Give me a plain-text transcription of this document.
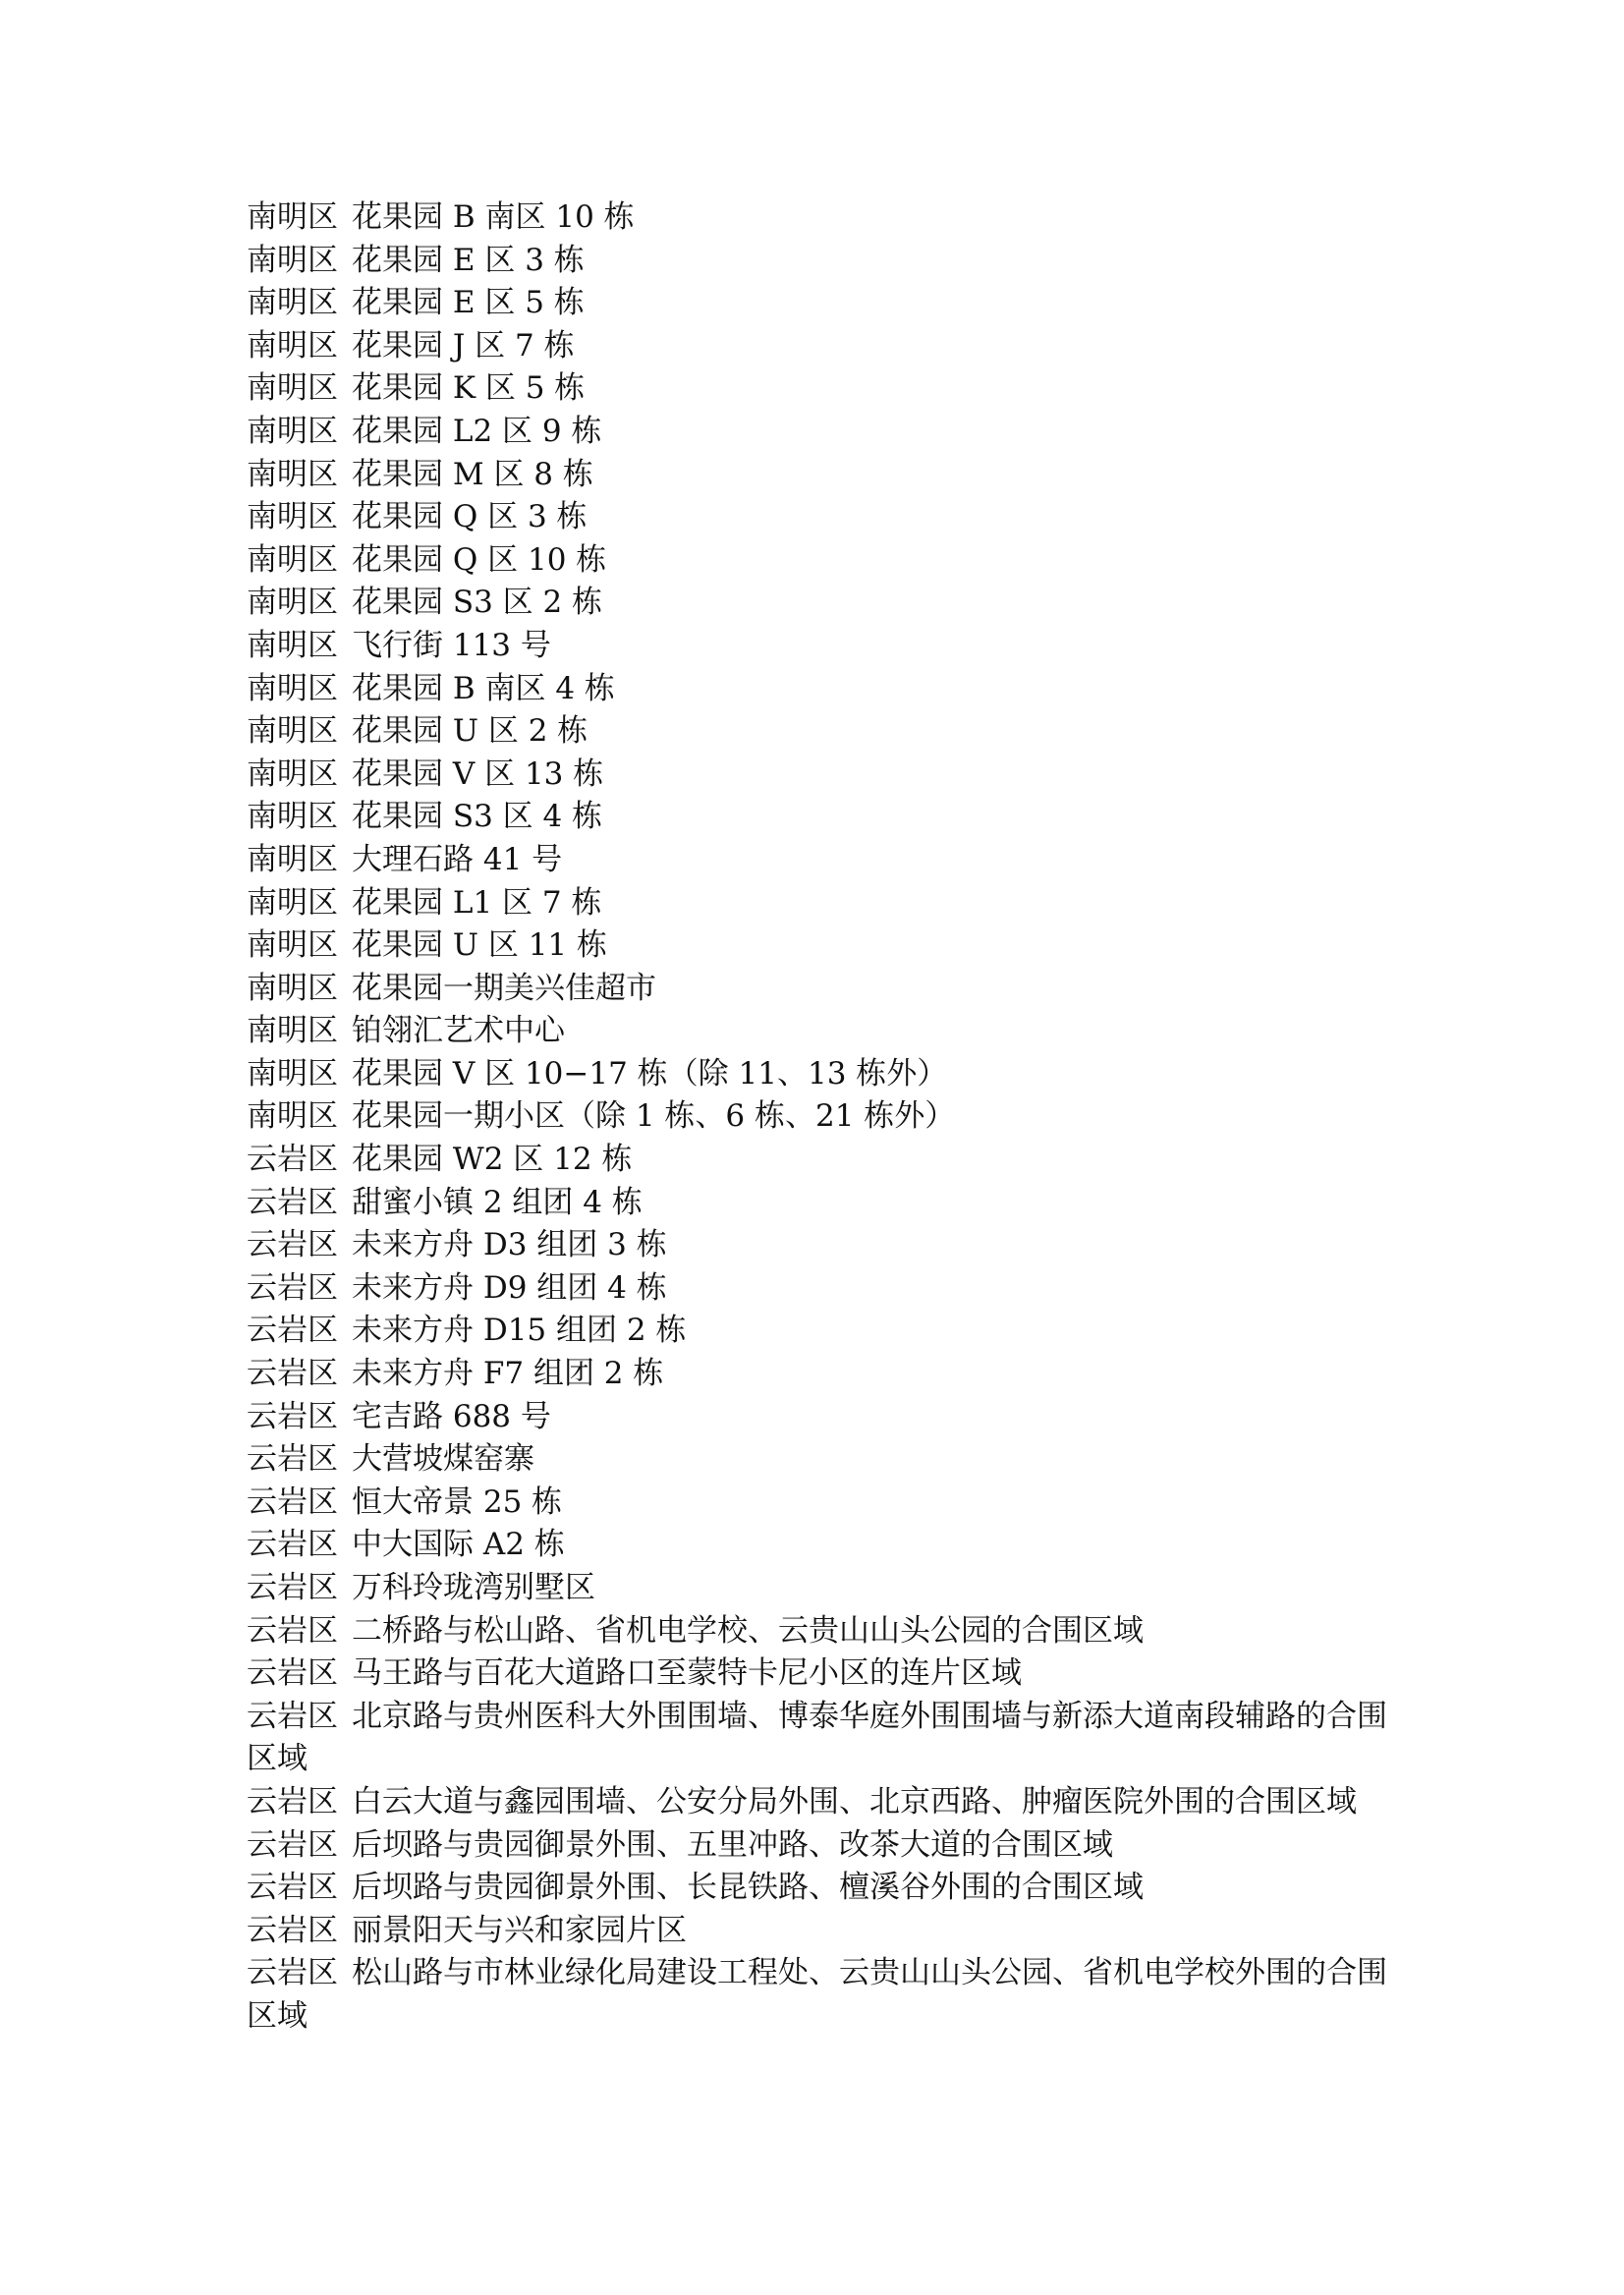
南明区 花果园 B 南区 10 栋
南明区 花果园 E 区 3 栋
南明区 花果园 E 区 5 栋
南明区 花果园 J 区 7 栋
南明区 花果园 K 区 5 栋
南明区 花果园 L2 区 9 栋
南明区 花果园 M 区 8 栋
南明区 花果园 Q 区 3 栋
南明区 花果园 Q 区 10 栋
南明区 花果园 S3 区 2 栋
南明区 飞行街 113 号
南明区 花果园 B 南区 4 栋
南明区 花果园 U 区 2 栋
南明区 花果园 V 区 13 栋
南明区 花果园 S3 区 4 栋
南明区 大理石路 41 号
南明区 花果园 L1 区 7 栋
南明区 花果园 U 区 11 栋
南明区 花果园一期美兴佳超市
南明区 铂翎汇艺术中心
南明区 花果园 V 区 10−17 栋（除 11、13 栋外）
南明区 花果园一期小区（除 1 栋、6 栋、21 栋外）
云岩区 花果园 W2 区 12 栋
云岩区 甜蜜小镇 2 组团 4 栋
云岩区 未来方舟 D3 组团 3 栋
云岩区 未来方舟 D9 组团 4 栋
云岩区 未来方舟 D15 组团 2 栋
云岩区 未来方舟 F7 组团 2 栋
云岩区 宅吉路 688 号
云岩区 大营坡煤窑寨
云岩区 恒大帝景 25 栋
云岩区 中大国际 A2 栋
云岩区 万科玲珑湾别墅区
云岩区 二桥路与松山路、省机电学校、云贵山山头公园的合围区域
云岩区 马王路与百花大道路口至蒙特卡尼小区的连片区域
云岩区 北京路与贵州医科大外围围墙、博泰华庭外围围墙与新添大道南段辅路的合围区域
云岩区 白云大道与鑫园围墙、公安分局外围、北京西路、肿瘤医院外围的合围区域
云岩区 后坝路与贵园御景外围、五里冲路、改茶大道的合围区域
云岩区 后坝路与贵园御景外围、长昆铁路、檀溪谷外围的合围区域
云岩区 丽景阳天与兴和家园片区
云岩区 松山路与市林业绿化局建设工程处、云贵山山头公园、省机电学校外围的合围区域
